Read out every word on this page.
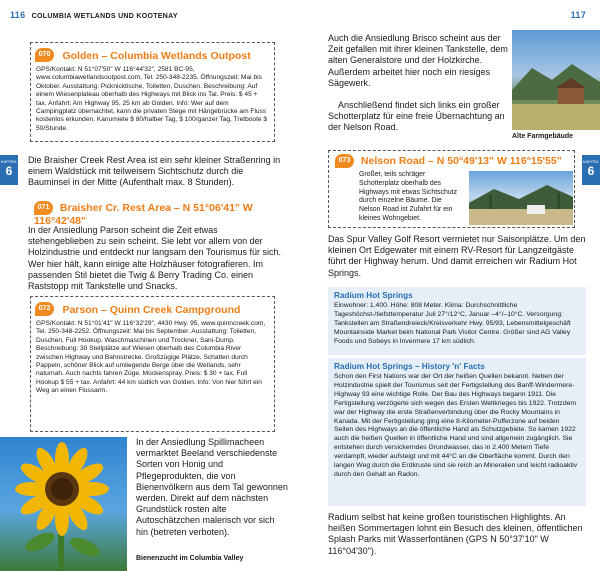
116 COLUMBIA WETLANDS UND KOOTENAY
070 Golden – Columbia Wetlands Outpost
GPS/Kontakt: N 51°07'50" W 116°44'32", 2581 BC-95, www.columbiawetlandsoutpost.com, Tel. 250-348-2235. Öffnungszeit: Mai bis Oktober. Ausstattung: Picknicktische, Toiletten, Duschen. Beschreibung: Auf einem Wiesenplateau oberhalb des Highways mit Blick ins Tal. Preis: $ 45 + tax. Anfahrt: Am Highway 95, 25 km ab Golden. Info: Wer auf dem Campingplatz übernachtet, kann die privaten Stege mit Hängebrücke am Fluss kostenlos erkunden. Kanumiete $ 80/halber Tag, $ 100/ganzer Tag, Tretboote $ 50/Stunde.
KAPITEL
6
Die Braisher Creek Rest Area ist ein sehr kleiner Straßenring in einem Waldstück mit teilweisem Sichtschutz durch die Bauminsel in der Mitte (Aufenthalt max. 8 Stunden).
071 Braisher Cr. Rest Area – N 51°06'41" W 116°42'48"
In der Ansiedlung Parson scheint die Zeit etwas stehengeblieben zu sein scheint. Sie lebt vor allem von der Holzindustrie und entdeckt nur langsam den Tourismus für sich. Wer hier hält, kann einige alte Holzhäuser fotografieren. Im passenden Stil bietet die Twig & Berry Trading Co. einen Raststopp mit Tankstelle und Snacks.
072 Parson – Quinn Creek Campground
GPS/Kontakt: N 51°01'41" W 116°32'29", 4430 Hwy. 95, www.quinncreek.com, Tel. 250-348-2252. Öffnungszeit: Mai bis September. Ausstattung: Toiletten, Duschen, Full Hookup, Waschmaschinen und Trockner, Sani-Dump. Beschreibung: 30 Stellplätze auf Wiesen oberhalb des Columbia River zwischen Highway und Bahnstrecke. Großzügige Plätze, Schatten durch Pappeln, schöner Blick auf umliegende Berge über die Wetlands, sehr naturnah. Auch nachts fahren Züge. Mückenspray. Preis: $ 30 + tax, Full Hookup $ 55 + tax. Anfahrt: 44 km südlich von Golden. Info: Von hier führt ein Weg an einen Flussarm.
In der Ansiedlung Spillimacheen vermarktet Beeland verschiedenste Sorten von Honig und Pflegeprodukten, die von Bienenvölkern aus dem Tal gewonnen werden. Direkt auf dem nächsten Grundstück rosten alte Autoschätzchen malerisch vor sich hin (betreten verboten).
Bienenzucht im Columbia Valley
117
Auch die Ansiedlung Brisco scheint aus der Zeit gefallen mit ihrer kleinen Tankstelle, dem alten Generalstore und der Holzkirche. Außerdem arbeitet hier noch ein riesiges Sägewerk.
Anschließend findet sich links ein großer Schotterplatz für eine freie Übernachtung an der Nelson Road.
Alte Farmgebäude
KAPITEL
6
073 Nelson Road – N 50°49'13" W 116°15'55"
Großer, teils schräger Schotterplatz oberhalb des Highways mit etwas Sichtschutz durch einzelne Bäume. Die Nelson Road ist Zufahrt für ein kleines Wohngebiet.
Das Spur Valley Golf Resort vermietet nur Saisonplätze. Um den kleinen Ort Edgewater mit einem RV-Resort für Langzeitgäste führt der Highway herum. Und damit erreichen wir Radium Hot Springs.
Radium Hot Springs
Einwohner: 1.400. Höhe: 808 Meter. Klima: Durchschnittliche Tageshöchst-/tiefsttemperatur Juli 27°/12°C, Januar –4°/–10°C. Versorgung: Tankstellen am Straßendreieck/Kreisverkehr Hwy. 95/93, Lebensmittelgeschäft Mountainside Market beim National Park Visitor Centre. Größer sind AG Valley Foods und Sobeys in Invermere 17 km südlich.
Radium Hot Springs – History 'n' Facts
Schon den First Nations war der Ort der heißen Quellen bekannt. Neben der Holzindustrie spielt der Tourismus seit der Fertigstellung des Banff-Windermere-Highway 93 eine wichtige Rolle. Der Bau des Highways begann 1911. Die Fertigstellung verzögerte sich wegen des Ersten Weltkrieges bis 1922. Trotzdem war der Highway die erste Straßenverbindung über die Rocky Mountains in Kanada. Mit der Fertigstellung ging eine 8-Kilometer-Pufferzone auf beiden Seiten des Highways an die öffentliche Hand als Schutzgebiete. So kamen 1922 auch die heißen Quellen in öffentliche Hand und sind allgemein zugänglich. Sie entstehen durch versickerndes Grundwasser, das in 2.400 Metern Tiefe verdampft, wieder aufsteigt und mit 44°C an die Oberfläche kommt. Durch den langen Weg durch die Erdkruste sind sie reich an Mineralien und leicht radioaktiv durch den Gehalt an Radon.
Radium selbst hat keine großen touristischen Highlights. An heißen Sommertagen lohnt ein Besuch des kleinen, öffentlichen Splash Parks mit Wasserfontänen (GPS N 50°37'10" W 116°04'30").
